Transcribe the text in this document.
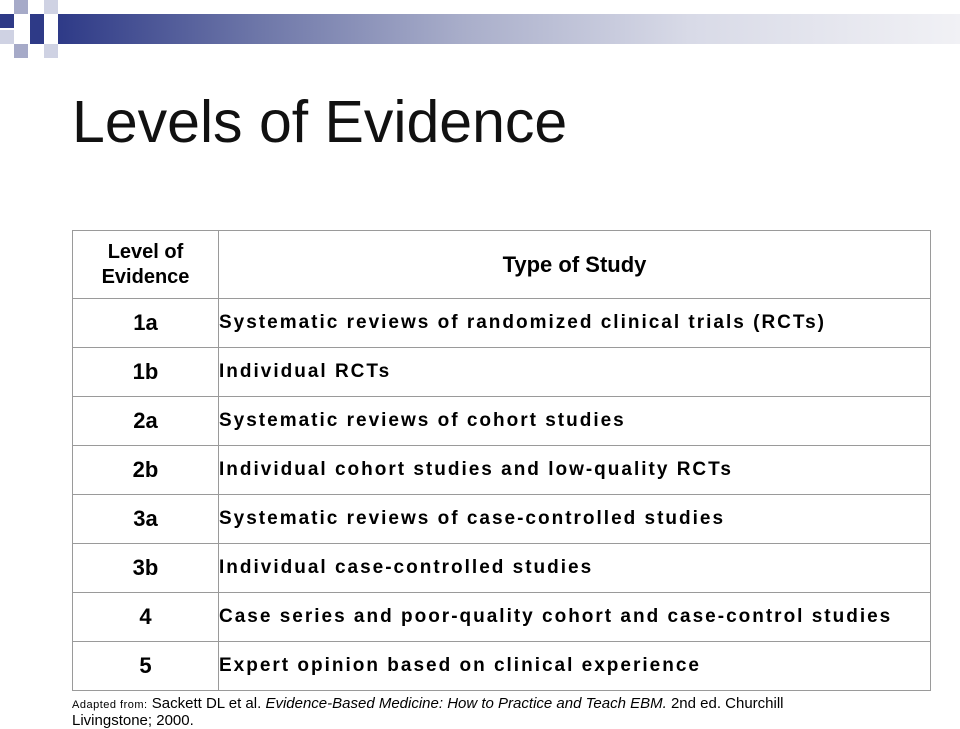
Levels of Evidence
Level of Evidence	Type of Study
1a	Systematic reviews of randomized clinical trials (RCTs)
1b	Individual RCTs
2a	Systematic reviews of cohort studies
2b	Individual cohort studies and low-quality RCTs
3a	Systematic reviews of case-controlled studies
3b	Individual case-controlled studies
4	Case series and poor-quality cohort and case-control studies
5	Expert opinion based on clinical experience
Adapted from: Sackett DL et al. Evidence-Based Medicine: How to Practice and Teach EBM. 2nd ed. Churchill
Livingstone; 2000.
